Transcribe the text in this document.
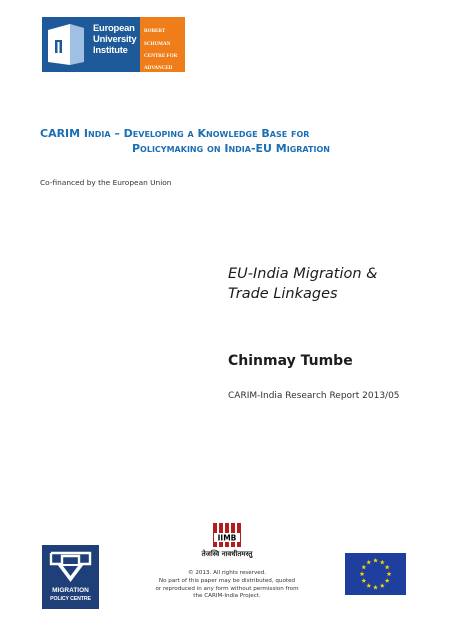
European
University
Institute

ROBERT

SCHUMAN

CENTRE FOR

ADVANCED

STUDIES

CARIM India – Developing a Knowledge Base for
Policymaking on India-EU Migration
Co-financed by the European Union
EU-India Migration &
Trade Linkages
Chinmay Tumbe
CARIM-India Research Report 2013/05
MIGRATION
POLICY CENTRE
IIMB
तेजस्वि नावधीतमस्तु
© 2013. All rights reserved.
No part of this paper may be distributed, quoted
or reproduced in any form without permission from
the CARIM-India Project.
